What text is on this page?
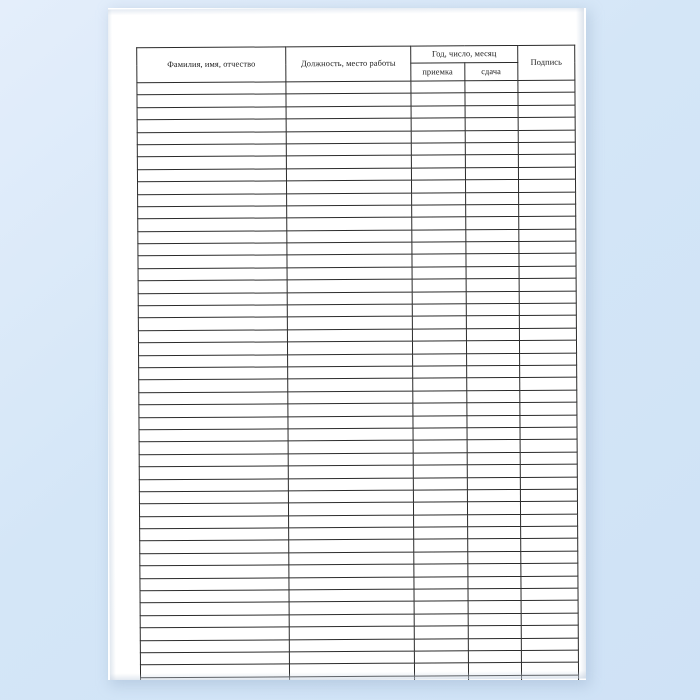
Фамилия, имя, отчество	Должность, место работы	Год, число, месяц		Подпись
		приемка	сдача	
